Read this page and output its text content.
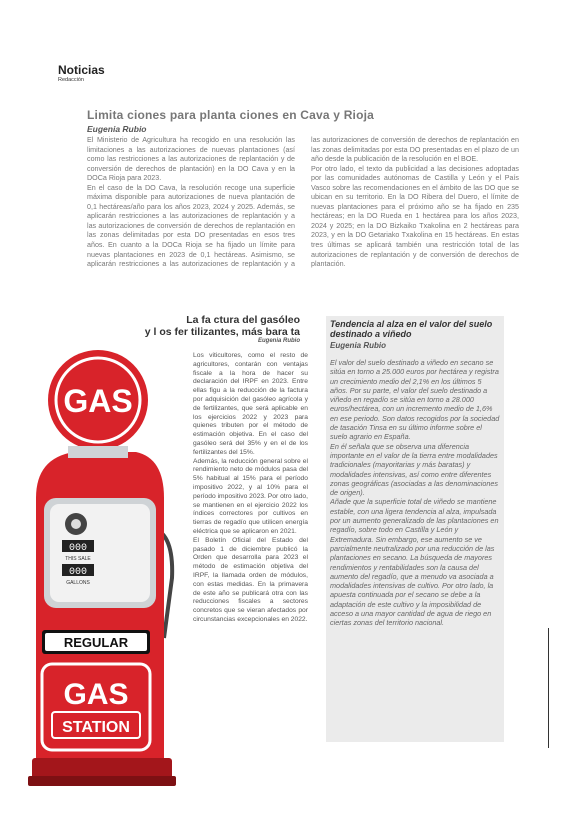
Noticias
Redacción
Limita ciones para planta ciones en Cava y Rioja
Eugenia Rubio

El Ministerio de Agricultura ha recogido en una resolución las limitaciones a las autorizaciones de nuevas plantaciones (así como las restricciones a las autorizaciones de replantación y de conversión de derechos de plantación) en la DO Cava y en la DOCa Rioja para 2023.

En el caso de la DO Cava, la resolución recoge una superficie máxima disponible para autorizaciones de nueva plantación de 0,1 hectáreas/año para los años 2023, 2024 y 2025. Además, se aplicarán restricciones a las autorizaciones de replantación y a las autorizaciones de conversión de derechos de replantación en las zonas delimitadas por esta DO presentadas en esos tres años. En cuanto a la DOCa Rioja se ha fijado un límite para nuevas plantaciones en 2023 de 0,1 hectáreas. Asimismo, se aplicarán restricciones a las autorizaciones de replantación y a las autorizaciones de conversión de derechos de replantación en las zonas delimitadas por esta DO presentadas en el plazo de un año desde la publicación de la resolución en el BOE.

Por otro lado, el texto da publicidad a las decisiones adoptadas por las comunidades autónomas de Castilla y León y el País Vasco sobre las recomendaciones en el ámbito de las DO que se ubican en su territorio. En la DO Ribera del Duero, el límite de nuevas plantaciones para el próximo año se ha fijado en 235 hectáreas; en la DO Rueda en 1 hectárea para los años 2023, 2024 y 2025; en la DO Bizkaiko Txakolina en 2 hectáreas para 2023, y en la DO Getariako Txakolina en 15 hectáreas. En estas tres últimas se aplicará también una restricción total de las autorizaciones de replantación y de conversión de derechos de plantación.

GAS
000
THIS SALE
000
GALLONS
REGULAR
GAS
STATION
La fa ctura del gasóleo
y l os fer tilizantes, más bara ta
Eugenia Rubio

Los viticultores, como el resto de agricultores, contarán con ventajas fiscale a la hora de hacer su declaración del IRPF en 2023. Entre ellas figu a la reducción de la factura por adquisición del gasóleo agrícola y de fertilizantes, que será aplicable en los ejercicios 2022 y 2023 para quienes tributen por el método de estimación objetiva. En el caso del gasóleo será del 35% y en el de los fertilizantes del 15%.

Además, la reducción general sobre el rendimiento neto de módulos pasa del 5% habitual al 15% para el período impositivo 2022, y al 10% para el período impositivo 2023. Por otro lado, se mantienen en el ejercicio 2022 los índices correctores por cultivos en tierras de regadío que utilicen energía eléctrica que se aplicaron en 2021.

El Boletín Oficial del Estado del pasado 1 de diciembre publicó la Orden que desarrolla para 2023 el método de estimación objetiva del IRPF, la llamada orden de módulos, con estas medidas. En la primavera de este año se publicará otra con las reducciones fiscales a sectores concretos que se vieran afectados por circunstancias excepcionales en 2022.

Tendencia al alza en el valor del suelo destinado a viñedo
Eugenia Rubio

El valor del suelo destinado a viñedo en secano se sitúa en torno a 25.000 euros por hectárea y registra un crecimiento medio del 2,1% en los últimos 5 años. Por su parte, el valor del suelo destinado a viñedo en regadío se sitúa en torno a 28.000 euros/hectárea, con un incremento medio de 1,6% en ese periodo. Son datos recogidos por la sociedad de tasación Tinsa en su último informe sobre el suelo agrario en España.

En él señala que se observa una diferencia importante en el valor de la tierra entre modalidades tradicionales (mayoritarias y más baratas) y modalidades intensivas, así como entre diferentes zonas geográficas (asociadas a las denominaciones de origen).

Añade que la superficie total de viñedo se mantiene estable, con una ligera tendencia al alza, impulsada por un aumento generalizado de las plantaciones en regadío, sobre todo en Castilla y León y Extremadura. Sin embargo, ese aumento se ve parcialmente neutralizado por una reducción de las plantaciones en secano. La búsqueda de mayores rendimientos y rentabilidades son la causa del aumento del regadío, que a menudo va asociada a modalidades intensivas de cultivo. Por otro lado, la apuesta continuada por el secano se debe a la adaptación de este cultivo y la imposibilidad de acceso a una mayor cantidad de agua de riego en ciertas zonas del territorio nacional.
